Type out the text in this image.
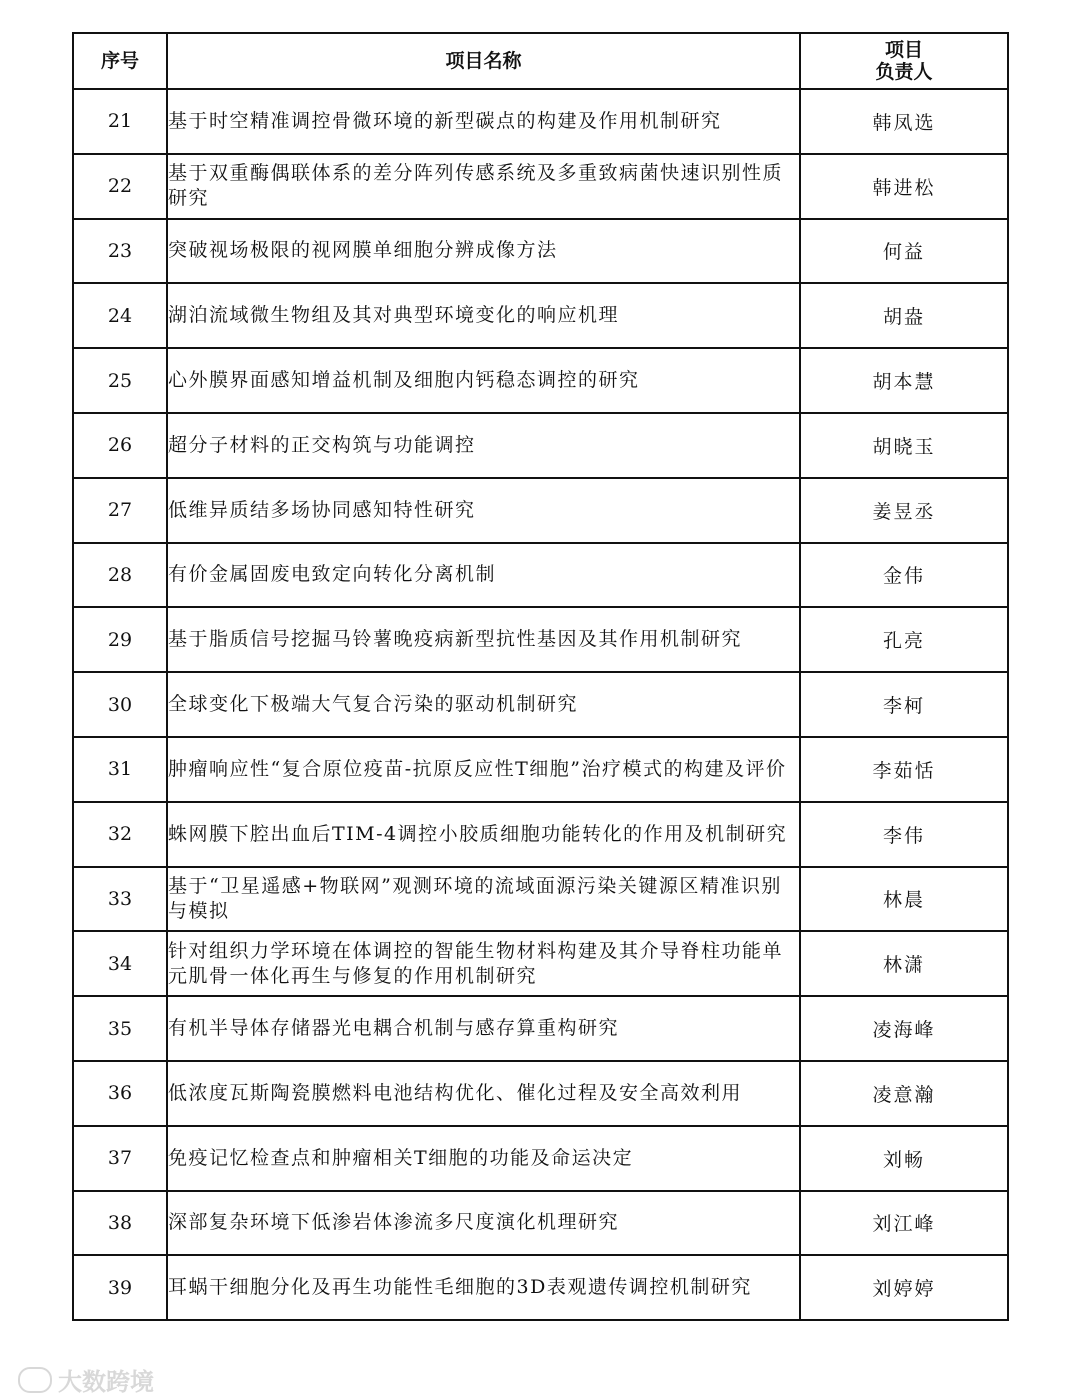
序号	项目名称	项目
负责人

21	基于时空精准调控骨微环境的新型碳点的构建及作用机制研究	韩凤选
22	基于双重酶偶联体系的差分阵列传感系统及多重致病菌快速识别性质研究	韩进松
23	突破视场极限的视网膜单细胞分辨成像方法	何益
24	湖泊流域微生物组及其对典型环境变化的响应机理	胡盎
25	心外膜界面感知增益机制及细胞内钙稳态调控的研究	胡本慧
26	超分子材料的正交构筑与功能调控	胡晓玉
27	低维异质结多场协同感知特性研究	姜昱丞
28	有价金属固废电致定向转化分离机制	金伟
29	基于脂质信号挖掘马铃薯晚疫病新型抗性基因及其作用机制研究	孔亮
30	全球变化下极端大气复合污染的驱动机制研究	李柯
31	肿瘤响应性“复合原位疫苗-抗原反应性T细胞”治疗模式的构建及评价	李茹恬
32	蛛网膜下腔出血后TIM-4调控小胶质细胞功能转化的作用及机制研究	李伟
33	基于“卫星遥感+物联网”观测环境的流域面源污染关键源区精准识别与模拟	林晨
34	针对组织力学环境在体调控的智能生物材料构建及其介导脊柱功能单元肌骨一体化再生与修复的作用机制研究	林潇
35	有机半导体存储器光电耦合机制与感存算重构研究	凌海峰
36	低浓度瓦斯陶瓷膜燃料电池结构优化、催化过程及安全高效利用	凌意瀚
37	免疫记忆检查点和肿瘤相关T细胞的功能及命运决定	刘畅
38	深部复杂环境下低渗岩体渗流多尺度演化机理研究	刘江峰
39	耳蜗干细胞分化及再生功能性毛细胞的3D表观遗传调控机制研究	刘婷婷
大数跨境
